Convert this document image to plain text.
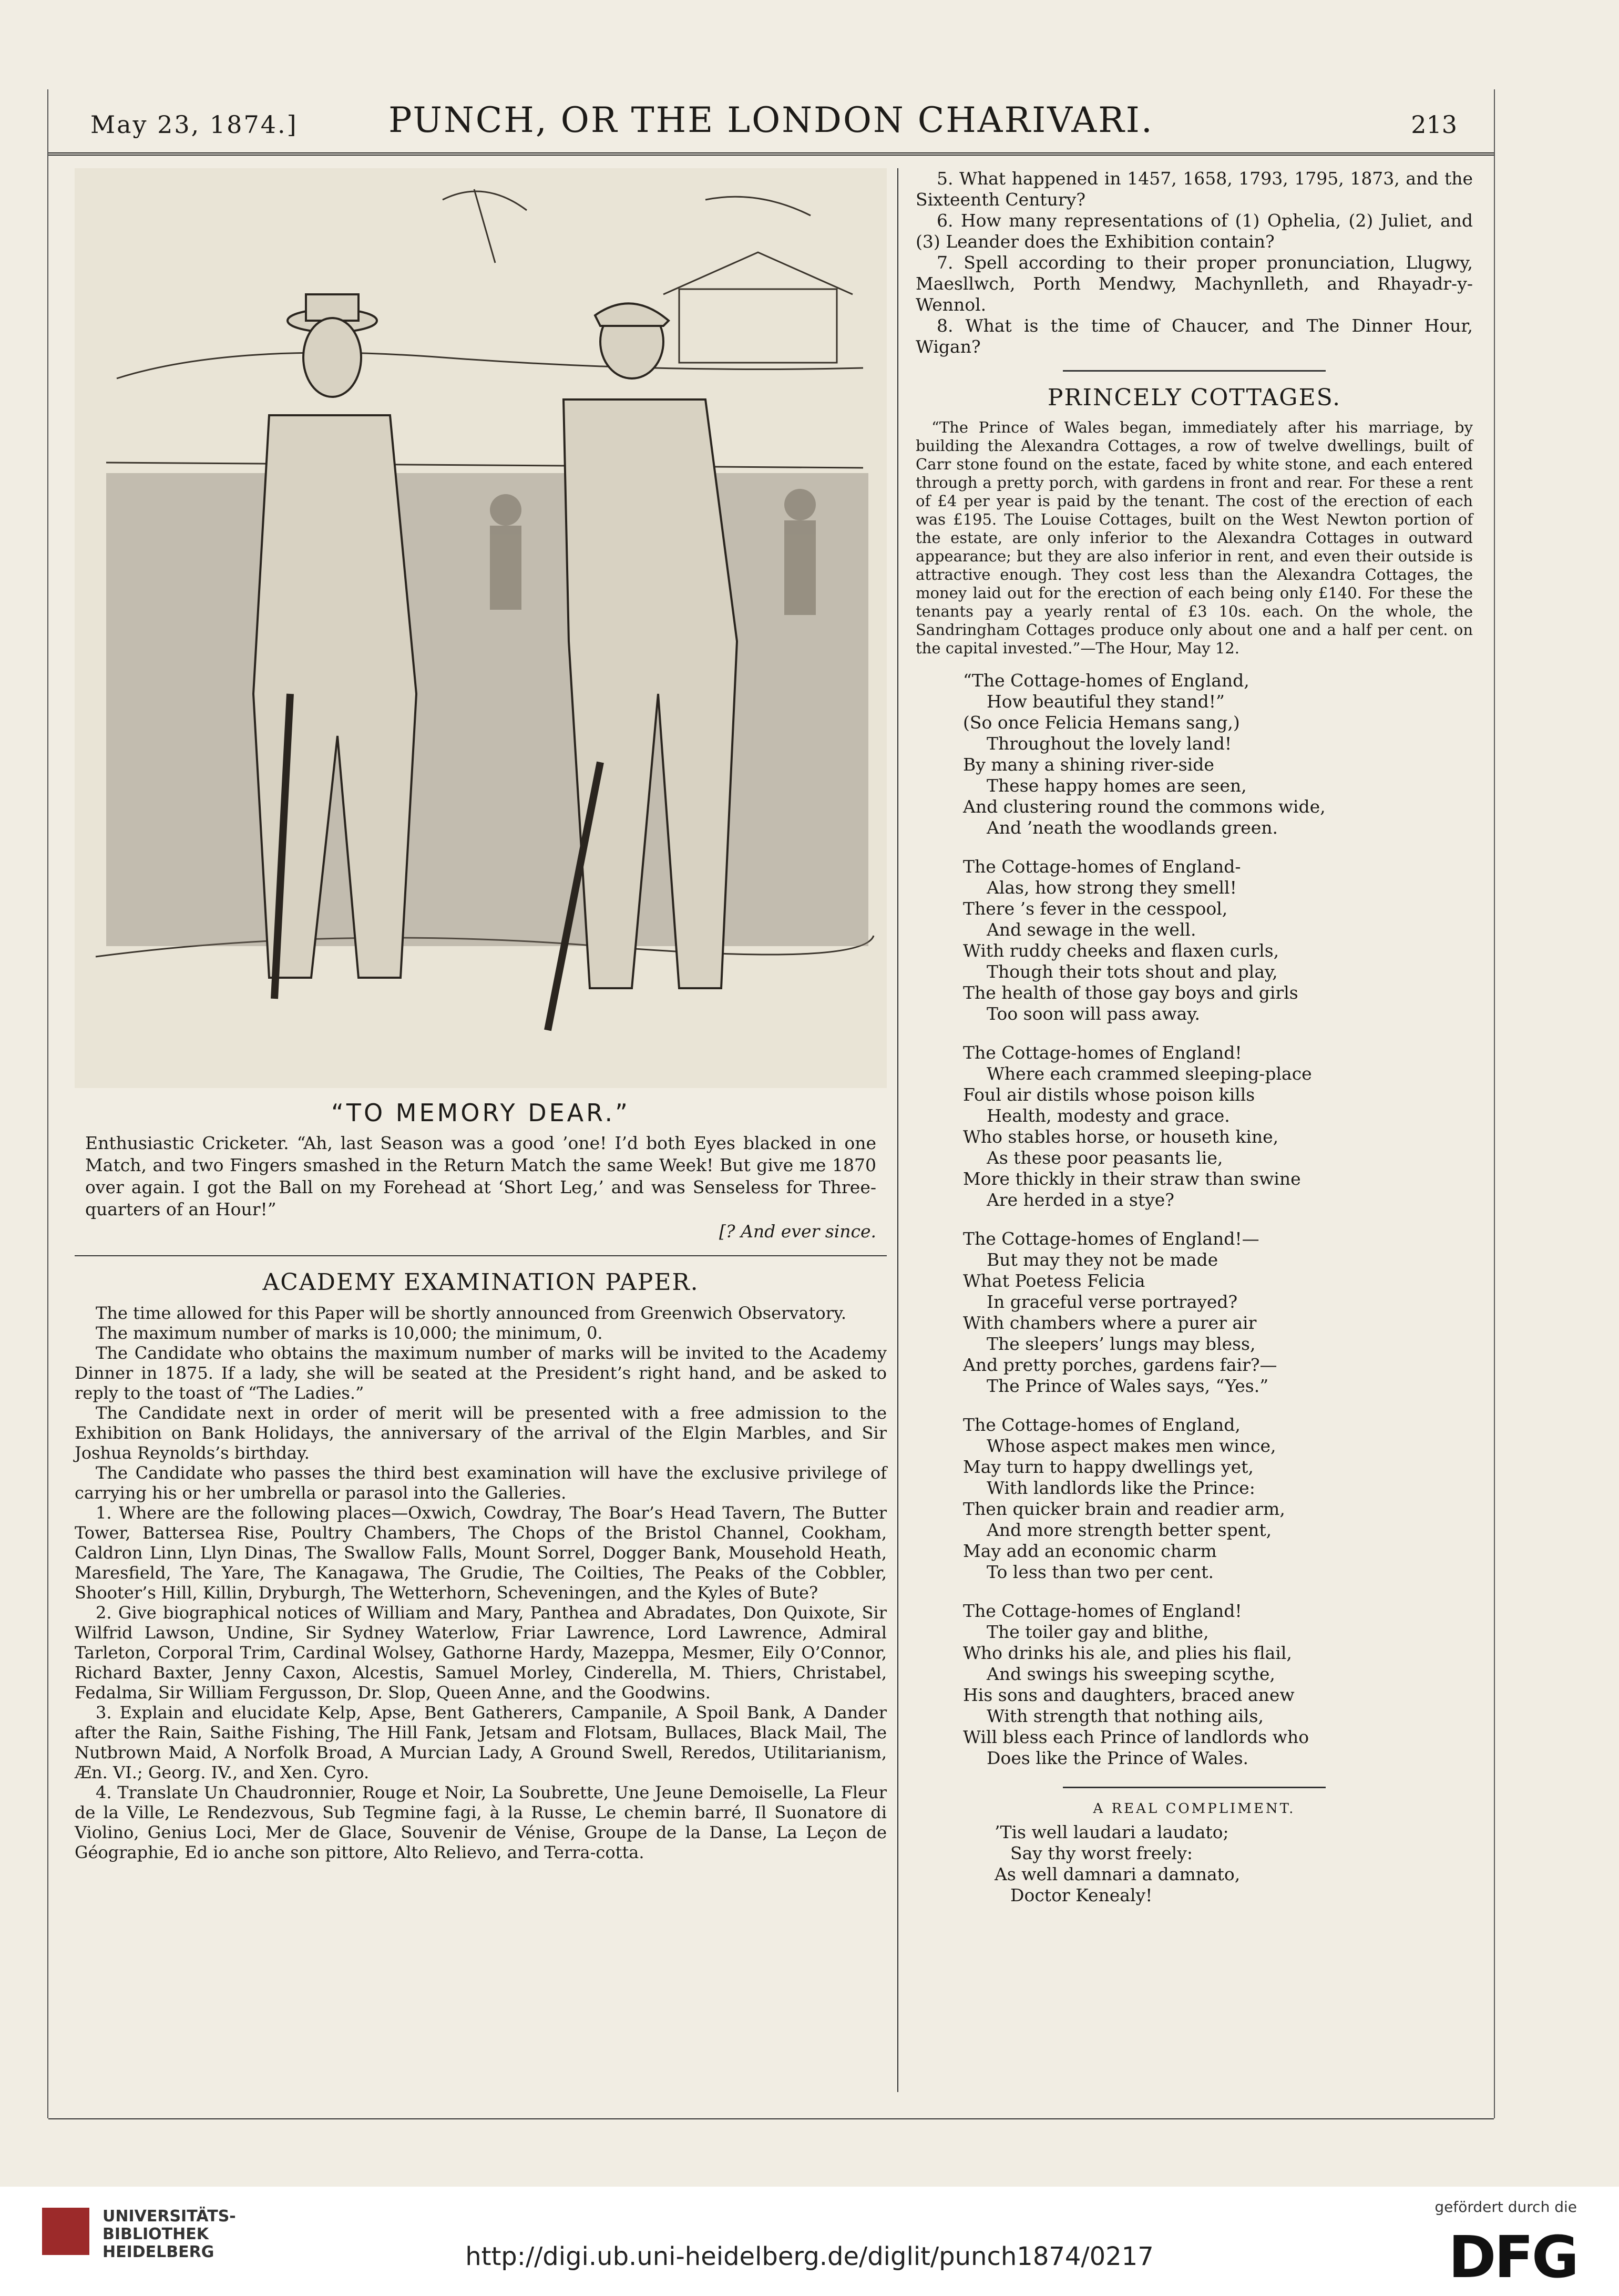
May 23, 1874.]	PUNCH, OR THE LONDON CHARIVARI.	213
“TO MEMORY DEAR.”
Enthusiastic Cricketer. “Ah, last Season was a good ’one! I’d both Eyes blacked in one Match, and two Fingers smashed in the Return Match the same Week! But give me 1870 over again. I got the Ball on my Forehead at ‘Short Leg,’ and was Senseless for Three-quarters of an Hour!”
[? And ever since.
ACADEMY EXAMINATION PAPER.

The time allowed for this Paper will be shortly announced from Greenwich Observatory.

The maximum number of marks is 10,000; the minimum, 0.

The Candidate who obtains the maximum number of marks will be invited to the Academy Dinner in 1875. If a lady, she will be seated at the President’s right hand, and be asked to reply to the toast of “The Ladies.”

The Candidate next in order of merit will be presented with a free admission to the Exhibition on Bank Holidays, the anniversary of the arrival of the Elgin Marbles, and Sir Joshua Reynolds’s birthday.

The Candidate who passes the third best examination will have the exclusive privilege of carrying his or her umbrella or parasol into the Galleries.

1. Where are the following places—Oxwich, Cowdray, The Boar’s Head Tavern, The Butter Tower, Battersea Rise, Poultry Chambers, The Chops of the Bristol Channel, Cookham, Caldron Linn, Llyn Dinas, The Swallow Falls, Mount Sorrel, Dogger Bank, Mousehold Heath, Maresfield, The Yare, The Kanagawa, The Grudie, The Coilties, The Peaks of the Cobbler, Shooter’s Hill, Killin, Dryburgh, The Wetterhorn, Scheveningen, and the Kyles of Bute?

2. Give biographical notices of William and Mary, Panthea and Abradates, Don Quixote, Sir Wilfrid Lawson, Undine, Sir Sydney Waterlow, Friar Lawrence, Lord Lawrence, Admiral Tarleton, Corporal Trim, Cardinal Wolsey, Gathorne Hardy, Mazeppa, Mesmer, Eily O’Connor, Richard Baxter, Jenny Caxon, Alcestis, Samuel Morley, Cinderella, M. Thiers, Christabel, Fedalma, Sir William Fergusson, Dr. Slop, Queen Anne, and the Goodwins.

3. Explain and elucidate Kelp, Apse, Bent Gatherers, Campanile, A Spoil Bank, A Dander after the Rain, Saithe Fishing, The Hill Fank, Jetsam and Flotsam, Bullaces, Black Mail, The Nutbrown Maid, A Norfolk Broad, A Murcian Lady, A Ground Swell, Reredos, Utilitarianism, Æn. VI.; Georg. IV., and Xen. Cyro.

4. Translate Un Chaudronnier, Rouge et Noir, La Soubrette, Une Jeune Demoiselle, La Fleur de la Ville, Le Rendezvous, Sub Tegmine fagi, à la Russe, Le chemin barré, Il Suonatore di Violino, Genius Loci, Mer de Glace, Souvenir de Vénise, Groupe de la Danse, La Leçon de Géographie, Ed io anche son pittore, Alto Relievo, and Terra-cotta.

5. What happened in 1457, 1658, 1793, 1795, 1873, and the Sixteenth Century?

6. How many representations of (1) Ophelia, (2) Juliet, and (3) Leander does the Exhibition contain?

7. Spell according to their proper pronunciation, Llugwy, Maesllwch, Porth Mendwy, Machynlleth, and Rhayadr-y-Wennol.

8. What is the time of Chaucer, and The Dinner Hour, Wigan?

PRINCELY COTTAGES.

“The Prince of Wales began, immediately after his marriage, by building the Alexandra Cottages, a row of twelve dwellings, built of Carr stone found on the estate, faced by white stone, and each entered through a pretty porch, with gardens in front and rear. For these a rent of £4 per year is paid by the tenant. The cost of the erection of each was £195. The Louise Cottages, built on the West Newton portion of the estate, are only inferior to the Alexandra Cottages in outward appearance; but they are also inferior in rent, and even their outside is attractive enough. They cost less than the Alexandra Cottages, the money laid out for the erection of each being only £140. For these the tenants pay a yearly rental of £3 10s. each. On the whole, the Sandringham Cottages produce only about one and a half per cent. on the capital invested.”—The Hour, May 12.

“The Cottage-homes of England,
How beautiful they stand!”
(So once Felicia Hemans sang,)
Throughout the lovely land!
By many a shining river-side
These happy homes are seen,
And clustering round the commons wide,
And ’neath the woodlands green.
The Cottage-homes of England-
Alas, how strong they smell!
There ’s fever in the cesspool,
And sewage in the well.
With ruddy cheeks and flaxen curls,
Though their tots shout and play,
The health of those gay boys and girls
Too soon will pass away.
The Cottage-homes of England!
Where each crammed sleeping-place
Foul air distils whose poison kills
Health, modesty and grace.
Who stables horse, or houseth kine,
As these poor peasants lie,
More thickly in their straw than swine
Are herded in a stye?
The Cottage-homes of England!—
But may they not be made
What Poetess Felicia
In graceful verse portrayed?
With chambers where a purer air
The sleepers’ lungs may bless,
And pretty porches, gardens fair?—
The Prince of Wales says, “Yes.”
The Cottage-homes of England,
Whose aspect makes men wince,
May turn to happy dwellings yet,
With landlords like the Prince:
Then quicker brain and readier arm,
And more strength better spent,
May add an economic charm
To less than two per cent.
The Cottage-homes of England!
The toiler gay and blithe,
Who drinks his ale, and plies his flail,
And swings his sweeping scythe,
His sons and daughters, braced anew
With strength that nothing ails,
Will bless each Prince of landlords who
Does like the Prince of Wales.
A REAL COMPLIMENT.
’Tis well laudari a laudato;
Say thy worst freely:
As well damnari a damnato,
Doctor Kenealy!
UNIVERSITÄTS-
BIBLIOTHEK
HEIDELBERG	http://digi.ub.uni-heidelberg.de/diglit/punch1874/0217
gefördert durch die
DFG
